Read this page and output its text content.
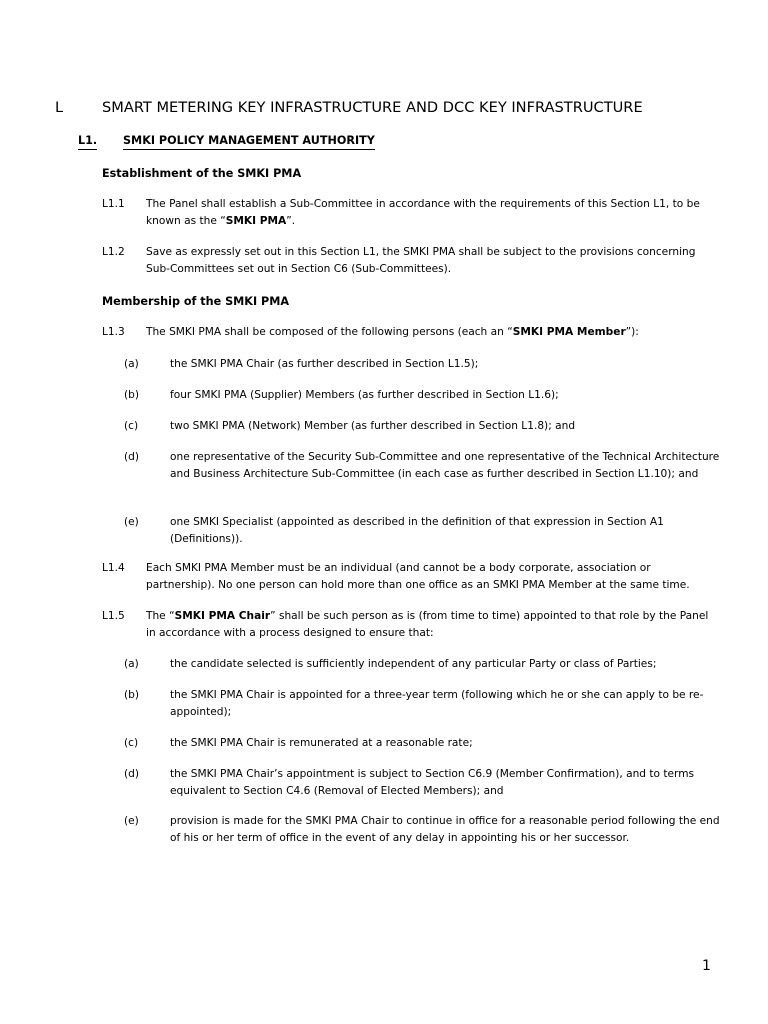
L	SMART METERING KEY INFRASTRUCTURE AND DCC KEY INFRASTRUCTURE
L1. SMKI POLICY MANAGEMENT AUTHORITY
Establishment of the SMKI PMA
L1.1 The Panel shall establish a Sub-Committee in accordance with the requirements of this Section L1, to be known as the “SMKI PMA”.
L1.2 Save as expressly set out in this Section L1, the SMKI PMA shall be subject to the provisions concerning Sub-Committees set out in Section C6 (Sub-Committees).
Membership of the SMKI PMA
L1.3 The SMKI PMA shall be composed of the following persons (each an “SMKI PMA Member”):
(a)	the SMKI PMA Chair (as further described in Section L1.5);
(b)	four SMKI PMA (Supplier) Members (as further described in Section L1.6);
(c)	two SMKI PMA (Network) Member (as further described in Section L1.8); and
(d)	one representative of the Security Sub-Committee and one representative of the Technical Architecture and Business Architecture Sub-Committee (in each case as further described in Section L1.10); and
(e)	one SMKI Specialist (appointed as described in the definition of that expression in Section A1 (Definitions)).
L1.4 Each SMKI PMA Member must be an individual (and cannot be a body corporate, association or partnership). No one person can hold more than one office as an SMKI PMA Member at the same time.
L1.5 The “SMKI PMA Chair” shall be such person as is (from time to time) appointed to that role by the Panel in accordance with a process designed to ensure that:
(a)	the candidate selected is sufficiently independent of any particular Party or class of Parties;
(b)	the SMKI PMA Chair is appointed for a three-year term (following which he or she can apply to be re-appointed);
(c)	the SMKI PMA Chair is remunerated at a reasonable rate;
(d)	the SMKI PMA Chair’s appointment is subject to Section C6.9 (Member Confirmation), and to terms equivalent to Section C4.6 (Removal of Elected Members); and
(e)	provision is made for the SMKI PMA Chair to continue in office for a reasonable period following the end of his or her term of office in the event of any delay in appointing his or her successor.
1
